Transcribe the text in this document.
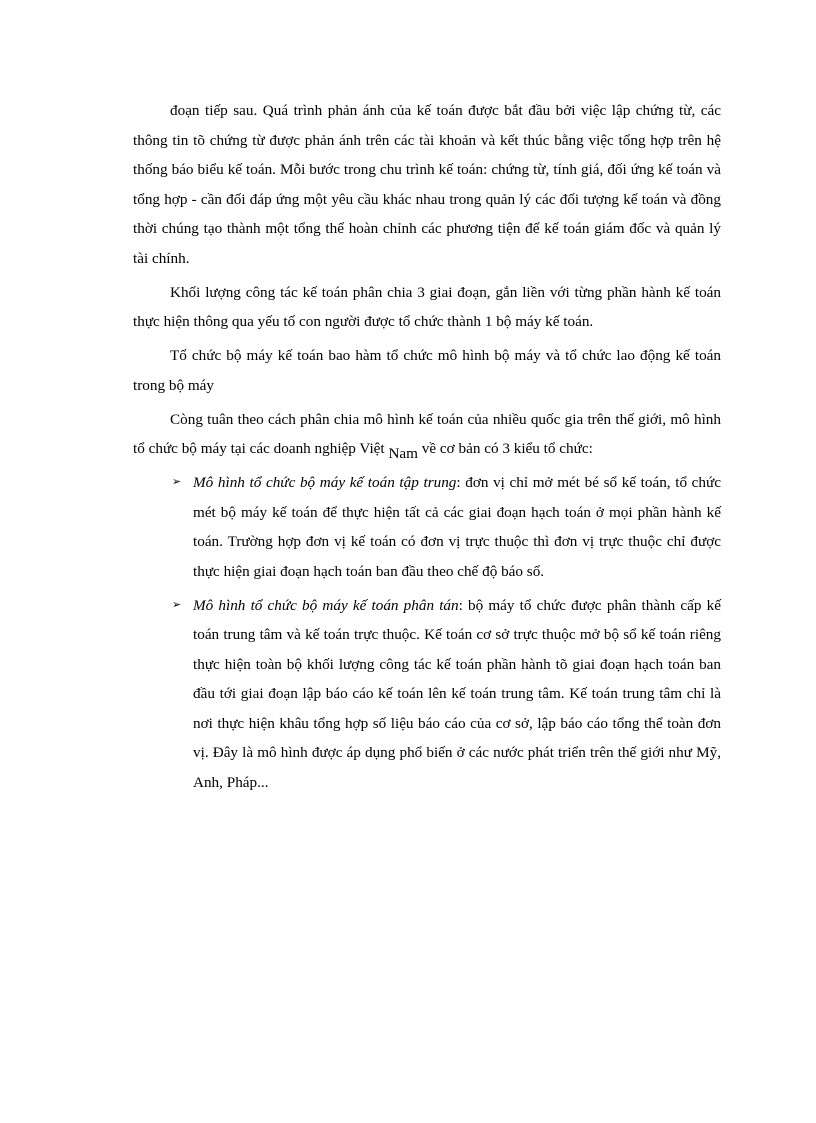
đoạn tiếp sau. Quá trình phản ánh của kế toán được bắt đầu bởi việc lập chứng từ, các thông tin tõ chứng từ được phản ánh trên các tài khoản và kết thúc bằng việc tổng hợp trên hệ thống báo biểu kế toán. Mỗi bước trong chu trình kế toán: chứng từ, tính giá, đối ứng kế toán và tổng hợp - cần đối đáp ứng một yêu cầu khác nhau trong quản lý các đối tượng kế toán và đồng thời chúng tạo thành một tổng thể hoàn chỉnh các phương tiện để kế toán giám đốc và quản lý tài chính.

Khối lượng công tác kế toán phân chia 3 giai đoạn, gắn liền với từng phần hành kế toán thực hiện thông qua yếu tố con người được tổ chức thành 1 bộ máy kế toán.

Tổ chức bộ máy kế toán bao hàm tổ chức mô hình bộ máy và tổ chức lao động kế toán trong bộ máy

Còng tuân theo cách phân chia mô hình kế toán của nhiều quốc gia trên thế giới, mô hình tổ chức bộ máy tại các doanh nghiệp Việt Nam về cơ bản có 3 kiểu tổ chức:

➢ Mô hình tổ chức bộ máy kế toán tập trung: đơn vị chỉ mở mét bé sổ kế toán, tổ chức mét bộ máy kế toán để thực hiện tất cả các giai đoạn hạch toán ở mọi phần hành kế toán. Trường hợp đơn vị kế toán có đơn vị trực thuộc thì đơn vị trực thuộc chỉ được thực hiện giai đoạn hạch toán ban đầu theo chế độ báo sổ.
➢ Mô hình tổ chức bộ máy kế toán phân tán: bộ máy tổ chức được phân thành cấp kế toán trung tâm và kế toán trực thuộc. Kế toán cơ sở trực thuộc mở bộ sổ kế toán riêng thực hiện toàn bộ khối lượng công tác kế toán phần hành tõ giai đoạn hạch toán ban đầu tới giai đoạn lập báo cáo kế toán lên kế toán trung tâm. Kế toán trung tâm chỉ là nơi thực hiện khâu tổng hợp số liệu báo cáo của cơ sở, lập báo cáo tổng thể toàn đơn vị. Đây là mô hình được áp dụng phổ biến ở các nước phát triển trên thế giới như Mỹ, Anh, Pháp...
